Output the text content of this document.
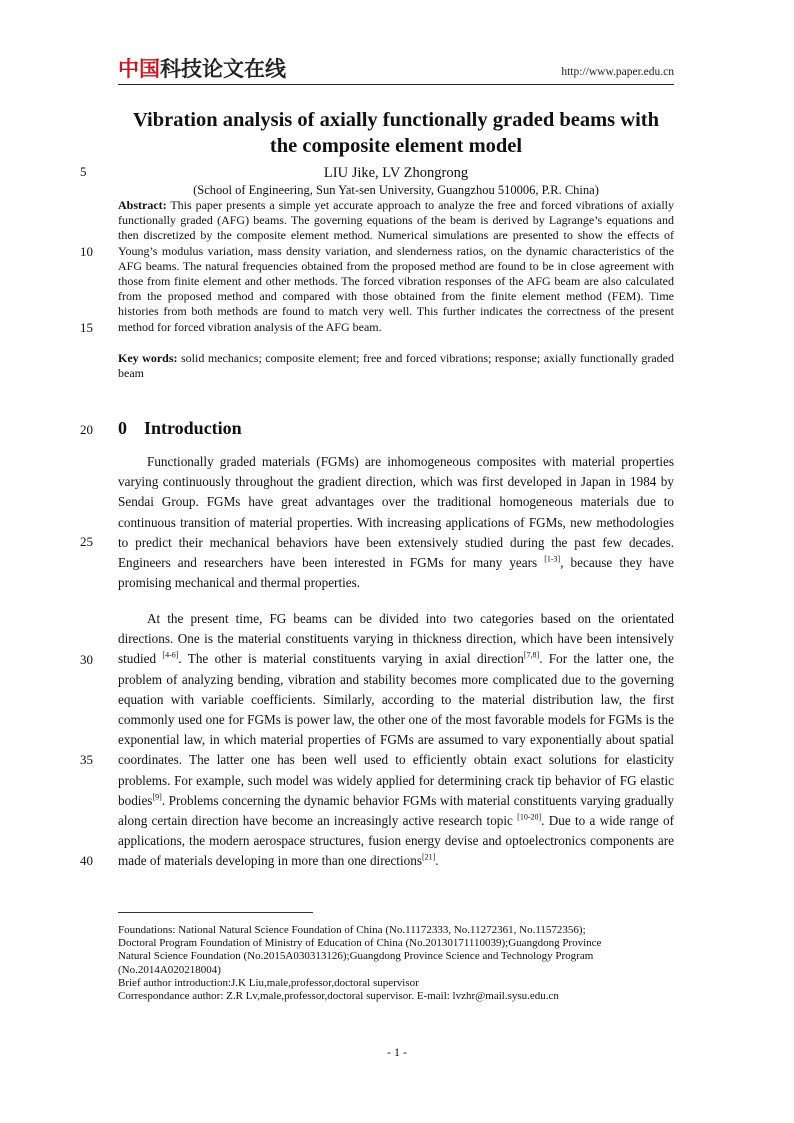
中国科技论文在线	http://www.paper.edu.cn
Vibration analysis of axially functionally graded beams with the composite element model
LIU Jike, LV Zhongrong
(School of Engineering, Sun Yat-sen University, Guangzhou 510006, P.R. China)
Abstract: This paper presents a simple yet accurate approach to analyze the free and forced vibrations of axially functionally graded (AFG) beams. The governing equations of the beam is derived by Lagrange’s equations and then discretized by the composite element method. Numerical simulations are presented to show the effects of Young’s modulus variation, mass density variation, and slenderness ratios, on the dynamic characteristics of the AFG beams. The natural frequencies obtained from the proposed method are found to be in close agreement with those from finite element and other methods. The forced vibration responses of the AFG beam are also calculated from the proposed method and compared with those obtained from the finite element method (FEM). Time histories from both methods are found to match very well. This further indicates the correctness of the present method for forced vibration analysis of the AFG beam.
Key words: solid mechanics; composite element; free and forced vibrations; response; axially functionally graded beam
0 Introduction
Functionally graded materials (FGMs) are inhomogeneous composites with material properties varying continuously throughout the gradient direction, which was first developed in Japan in 1984 by Sendai Group. FGMs have great advantages over the traditional homogeneous materials due to continuous transition of material properties. With increasing applications of FGMs, new methodologies to predict their mechanical behaviors have been extensively studied during the past few decades. Engineers and researchers have been interested in FGMs for many years [1-3], because they have promising mechanical and thermal properties.
At the present time, FG beams can be divided into two categories based on the orientated directions. One is the material constituents varying in thickness direction, which have been intensively studied [4-6]. The other is material constituents varying in axial direction[7,8]. For the latter one, the problem of analyzing bending, vibration and stability becomes more complicated due to the governing equation with variable coefficients. Similarly, according to the material distribution law, the first commonly used one for FGMs is power law, the other one of the most favorable models for FGMs is the exponential law, in which material properties of FGMs are assumed to vary exponentially about spatial coordinates. The latter one has been well used to efficiently obtain exact solutions for elasticity problems. For example, such model was widely applied for determining crack tip behavior of FG elastic bodies[9]. Problems concerning the dynamic behavior FGMs with material constituents varying gradually along certain direction have become an increasingly active research topic [10-20]. Due to a wide range of applications, the modern aerospace structures, fusion energy devise and optoelectronics components are made of materials developing in more than one directions[21].
5
10
15
20
25
30
35
40
Foundations: National Natural Science Foundation of China (No.11172333, No.11272361, No.11572356);
Doctoral Program Foundation of Ministry of Education of China (No.20130171110039);Guangdong Province
Natural Science Foundation (No.2015A030313126);Guangdong Province Science and Technology Program
(No.2014A020218004)
Brief author introduction:J.K Liu,male,professor,doctoral supervisor
Correspondance author: Z.R Lv,male,professor,doctoral supervisor. E-mail: lvzhr@mail.sysu.edu.cn
- 1 -
